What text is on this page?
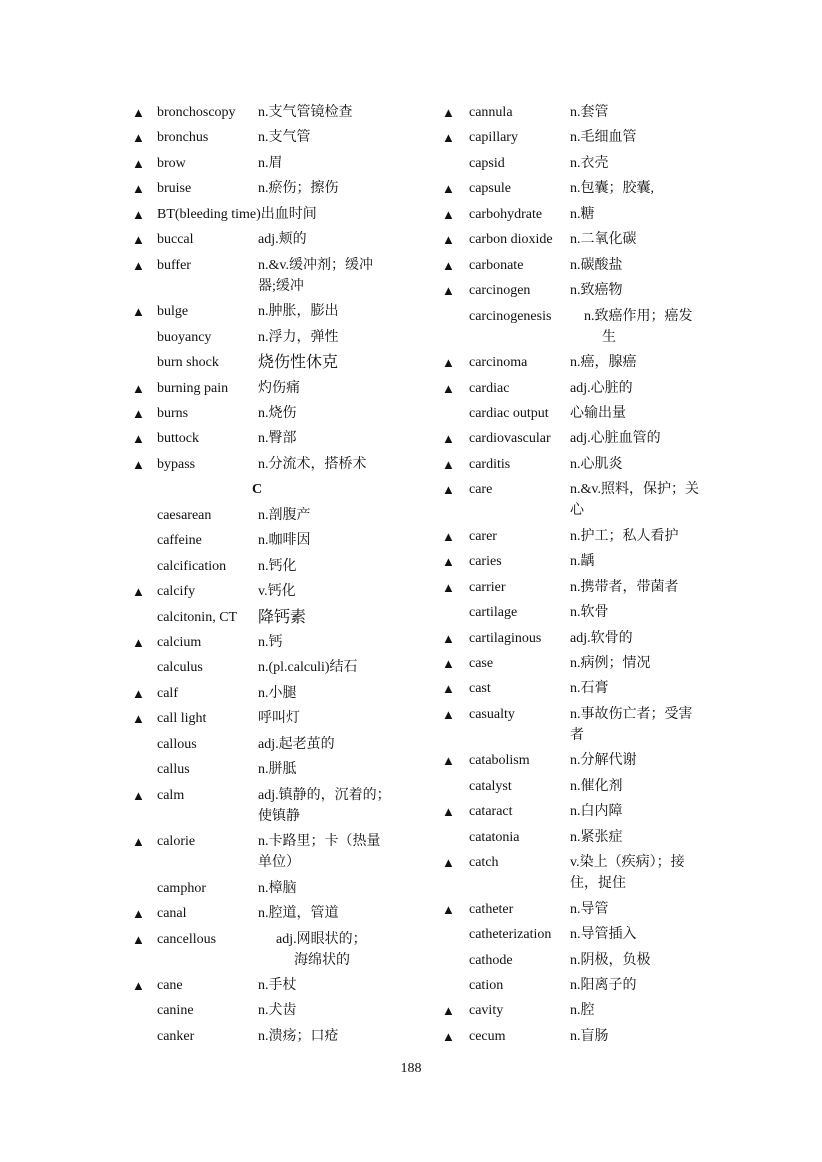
▲ bronchoscopy n.支气管镜检查
▲ bronchus	n.支气管
▲ brow	n.眉
▲ bruise	n.瘀伤；擦伤
▲ BT(bleeding time)出血时间
▲ buccal	adj.颊的
▲ buffer	n.&v.缓冲剂；缓冲
器;缓冲
▲ bulge	n.肿胀，膨出
buoyancy	n.浮力，弹性
burn shock 烧伤性休克
▲ burning pain 灼伤痛
▲ burns	n.烧伤
▲ buttock	n.臀部
▲ bypass	n.分流术，搭桥术
C
caesarean	n.剖腹产
caffeine	n.咖啡因
calcification n.钙化
▲ calcify	v.钙化
calcitonin, CT 降钙素
▲ calcium	n.钙
calculus	n.(pl.calculi)结石
▲ calf	n.小腿
▲ call light	呼叫灯
callous	adj.起老茧的
callus	n.胼胝
▲ calm	adj.镇静的，沉着的；
使镇静
▲ calorie	n.卡路里；卡（热量
单位）
camphor	n.樟脑
▲ canal	n.腔道，管道
▲ cancellous	adj.网眼状的；
海绵状的
▲ cane	n.手杖
canine	n.犬齿
canker	n.溃疡；口疮
▲ cannula	n.套管
▲ capillary	n.毛细血管
capsid	n.衣壳
▲ capsule	n.包囊；胶囊,
▲ carbohydrate n.糖
▲ carbon dioxide n.二氧化碳
▲ carbonate	n.碳酸盐
▲ carcinogen	n.致癌物
carcinogenesis n.致癌作用；癌发
生
▲ carcinoma	n.癌，腺癌
▲ cardiac	adj.心脏的
cardiac output 心输出量
▲ cardiovascular adj.心脏血管的
▲ carditis	n.心肌炎
▲ care	n.&v.照料，保护；关
心
▲ carer	n.护工；私人看护
▲ caries	n.龋
▲ carrier	n.携带者，带菌者
cartilage	n.软骨
▲ cartilaginous adj.软骨的
▲ case	n.病例；情况
▲ cast	n.石膏
▲ casualty	n.事故伤亡者；受害
者
▲ catabolism	n.分解代谢
catalyst	n.催化剂
▲ cataract	n.白内障
catatonia	n.紧张症
▲ catch	v.染上（疾病）；接
住，捉住
▲ catheter	n.导管
catheterization n.导管插入
cathode	n.阴极，负极
cation	n.阳离子的
▲ cavity	n.腔
▲ cecum	n.盲肠
188
